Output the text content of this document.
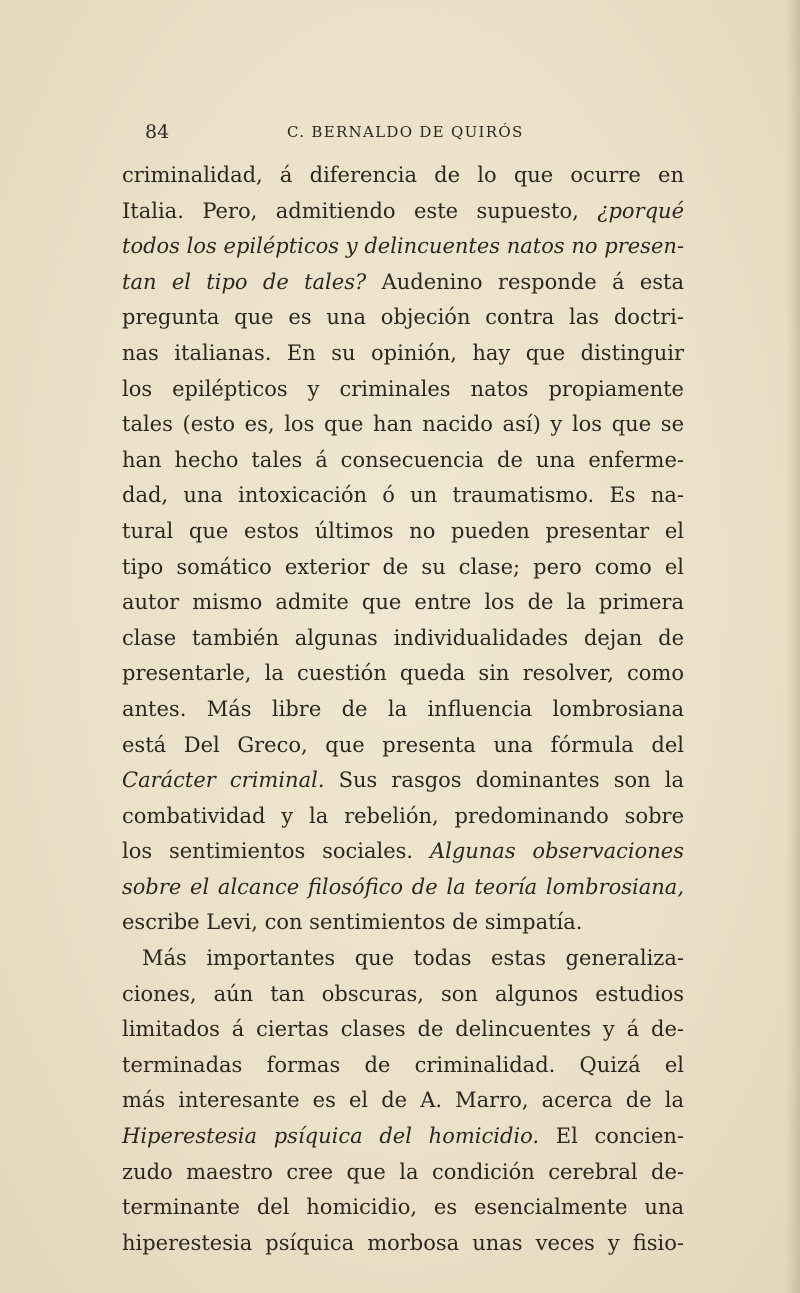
84	C. BERNALDO DE QUIRÓS
criminalidad, á diferencia de lo que ocurre en
Italia. Pero, admitiendo este supuesto, ¿porqué
todos los epilépticos y delincuentes natos no presen-
tan el tipo de tales? Audenino responde á esta
pregunta que es una objeción contra las doctri-
nas italianas. En su opinión, hay que distinguir
los epilépticos y criminales natos propiamente
tales (esto es, los que han nacido así) y los que se
han hecho tales á consecuencia de una enferme-
dad, una intoxicación ó un traumatismo. Es na-
tural que estos últimos no pueden presentar el
tipo somático exterior de su clase; pero como el
autor mismo admite que entre los de la primera
clase también algunas individualidades dejan de
presentarle, la cuestión queda sin resolver, como
antes. Más libre de la influencia lombrosiana
está Del Greco, que presenta una fórmula del
Carácter criminal. Sus rasgos dominantes son la
combatividad y la rebelión, predominando sobre
los sentimientos sociales. Algunas observaciones
sobre el alcance filosófico de la teoría lombrosiana,
escribe Levi, con sentimientos de simpatía.
Más importantes que todas estas generaliza-
ciones, aún tan obscuras, son algunos estudios
limitados á ciertas clases de delincuentes y á de-
terminadas formas de criminalidad. Quizá el
más interesante es el de A. Marro, acerca de la
Hiperestesia psíquica del homicidio. El concien-
zudo maestro cree que la condición cerebral de-
terminante del homicidio, es esencialmente una
hiperestesia psíquica morbosa unas veces y fisio-
